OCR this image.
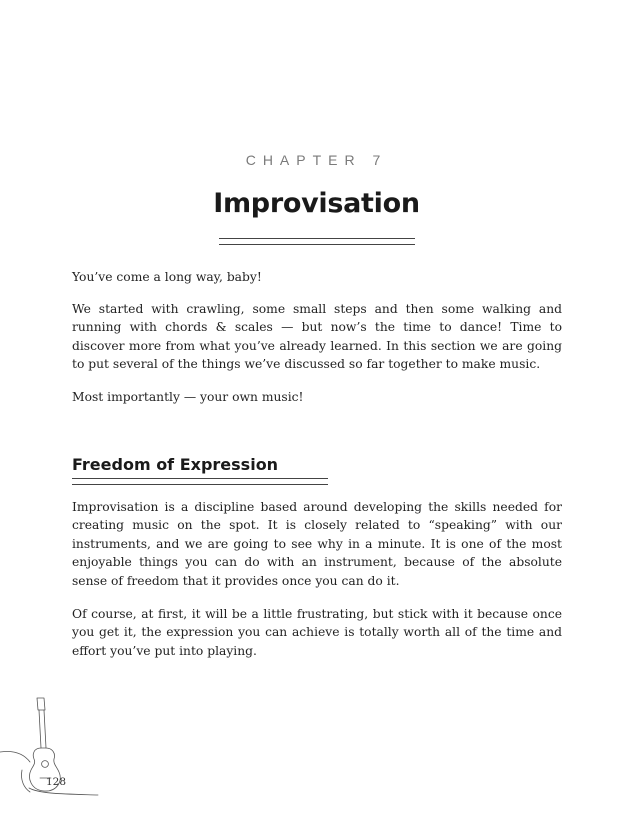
CHAPTER 7
Improvisation

You’ve come a long way, baby!

We started with crawling, some small steps and then some walking and running with chords & scales — but now’s the time to dance! Time to discover more from what you’ve already learned. In this section we are going to put several of the things we’ve discussed so far together to make music.

Most importantly — your own music!

Freedom of Expression

Improvisation is a discipline based around developing the skills needed for creating music on the spot. It is closely related to “speaking” with our instruments, and we are going to see why in a minute. It is one of the most enjoyable things you can do with an instrument, because of the absolute sense of freedom that it provides once you can do it.

Of course, at first, it will be a little frustrating, but stick with it because once you get it, the expression you can achieve is totally worth all of the time and effort you’ve put into playing.

128
